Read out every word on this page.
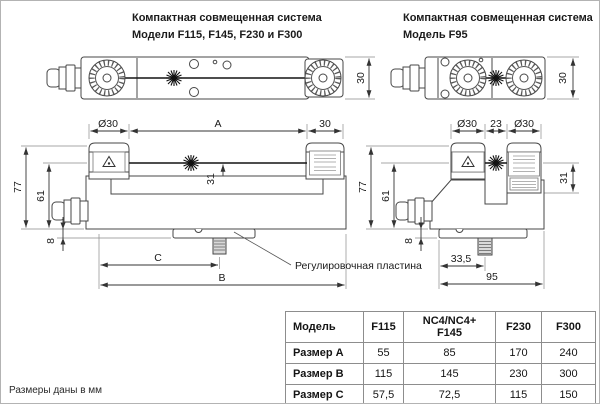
Компактная совмещенная система
Модели F115, F145, F230 и F300
Компактная совмещенная система
Модель F95
30
Ø30	A	30
77
61
31
8
C
B
Регулировочная пластина
30
Ø30 23 Ø30
77
61
31
8
33,5
95
Модель	F115	NC4/NC4+ F145	F230	F300
Размер A	55	85	170	240
Размер B	115	145	230	300
Размер C	57,5	72,5	115	150
Размеры даны в мм
